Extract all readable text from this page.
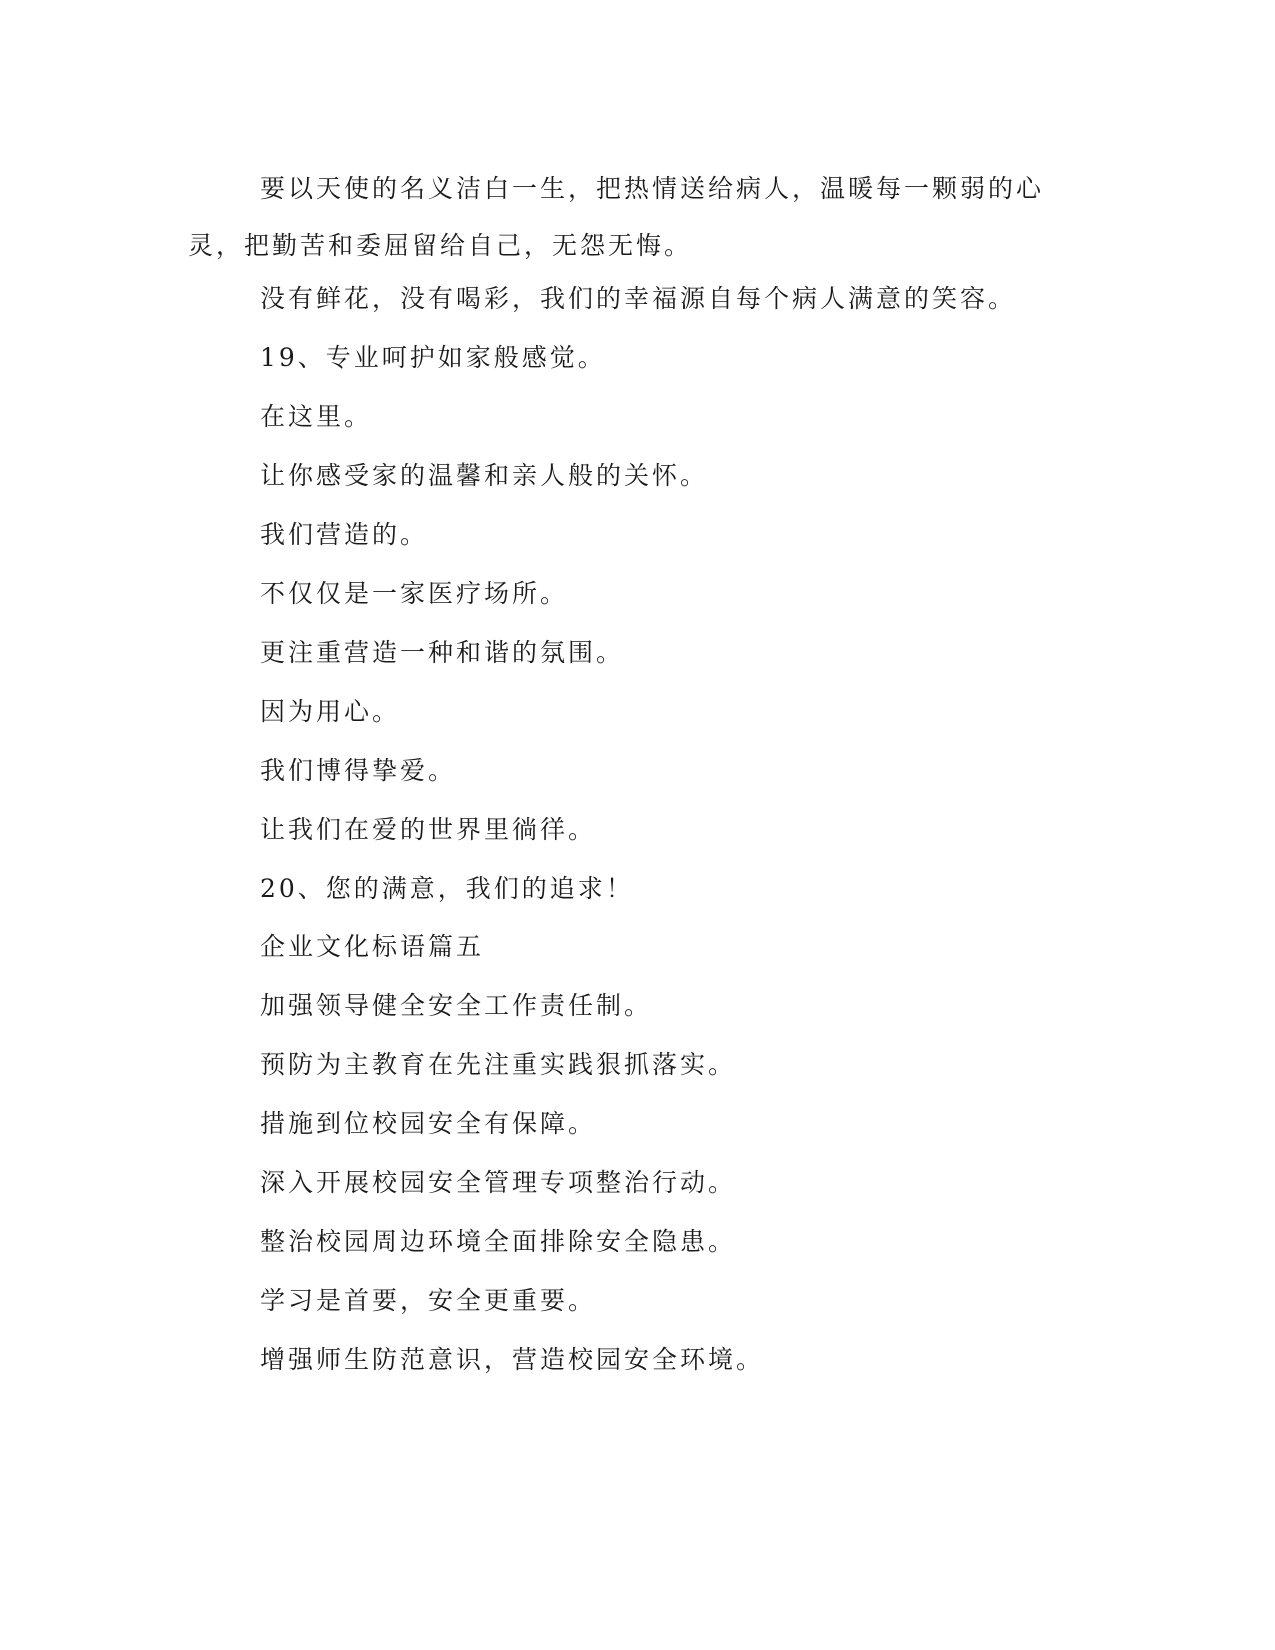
要以天使的名义洁白一生，把热情送给病人，温暖每一颗弱的心
灵，把勤苦和委屈留给自己，无怨无悔。

没有鲜花，没有喝彩，我们的幸福源自每个病人满意的笑容。

19、专业呵护如家般感觉。

在这里。

让你感受家的温馨和亲人般的关怀。

我们营造的。

不仅仅是一家医疗场所。

更注重营造一种和谐的氛围。

因为用心。

我们博得挚爱。

让我们在爱的世界里徜徉。

20、您的满意，我们的追求！

企业文化标语篇五

加强领导健全安全工作责任制。

预防为主教育在先注重实践狠抓落实。

措施到位校园安全有保障。

深入开展校园安全管理专项整治行动。

整治校园周边环境全面排除安全隐患。

学习是首要，安全更重要。

增强师生防范意识，营造校园安全环境。
